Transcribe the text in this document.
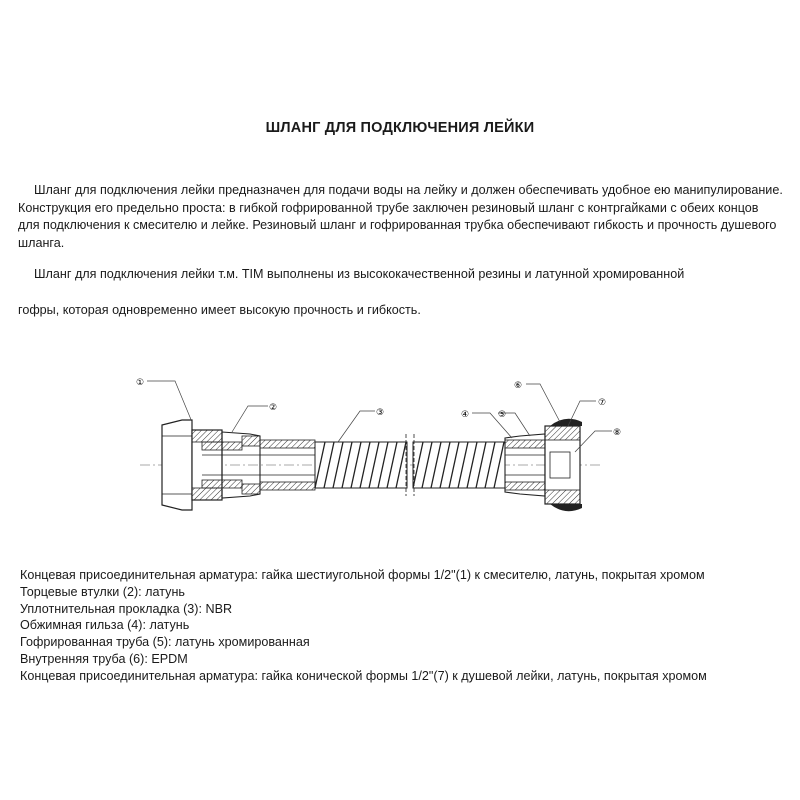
ШЛАНГ ДЛЯ ПОДКЛЮЧЕНИЯ ЛЕЙКИ

Шланг для подключения лейки предназначен для подачи воды на лейку и должен обеспечивать удобное ею манипулирование. Конструкция его предельно проста: в гибкой гофрированной трубе заключен резиновый шланг с контргайками с обеих концов для подключения к смесителю и лейке. Резиновый шланг и гофрированная трубка обеспечивают гибкость и прочность душевого шланга.

Шланг для подключения лейки т.м. TIM выполнены из высококачественной резины и латунной хромированной

гофры, которая одновременно имеет высокую прочность и гибкость.

①
②	③	④	⑤
⑥
⑦
⑧
Концевая присоединительная арматура: гайка шестиугольной формы 1/2"(1) к смесителю, латунь, покрытая хромом
Торцевые втулки (2): латунь
Уплотнительная прокладка (3): NBR
Обжимная гильза (4): латунь
Гофрированная труба (5): латунь хромированная
Внутренняя труба (6): EPDM
Концевая присоединительная арматура: гайка конической формы 1/2"(7) к душевой лейки, латунь, покрытая хромом
